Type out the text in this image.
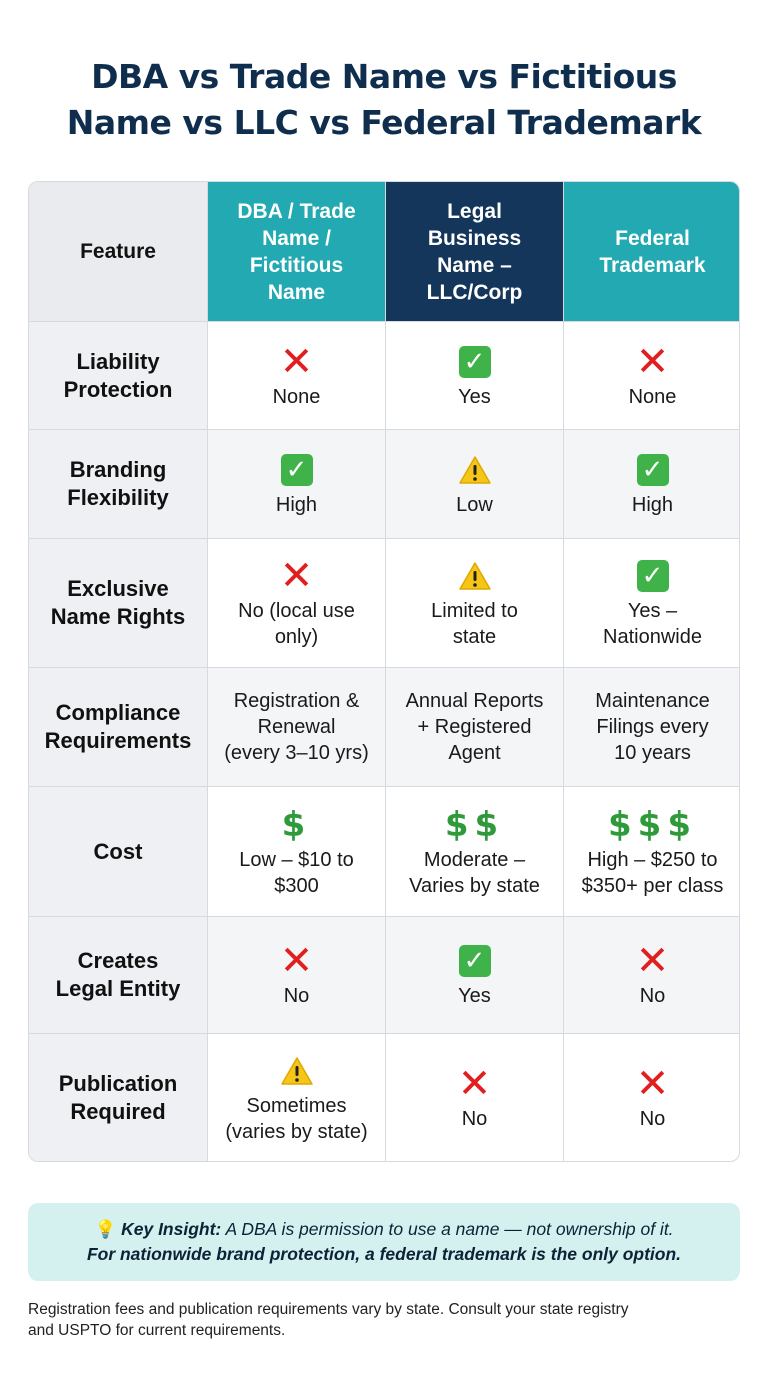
DBA vs Trade Name vs Fictitious
Name vs LLC vs Federal Trademark
Feature
DBA / Trade
Name /
Fictitious
Name
Legal
Business
Name –
LLC/Corp
Federal
Trademark
Liability
Protection
✕
None
✓
Yes
✕
None
Branding
Flexibility
✓
High	Low
✓
High
Exclusive
Name Rights
✕
No (local use
only)
Limited to
state
✓
Yes –
Nationwide
Compliance
Requirements
Registration &
Renewal
(every 3–10 yrs)
Annual Reports
+ Registered
Agent
Maintenance
Filings every
10 years
Cost
$
Low – $10 to
$300
$$
Moderate –
Varies by state
$$$
High – $250 to
$350+ per class
Creates
Legal Entity
✕
No
✓
Yes
✕
No
Publication
Required	Sometimes
(varies by state)
✕
No
✕
No
💡 Key Insight: A DBA is permission to use a name — not ownership of it.
For nationwide brand protection, a federal trademark is the only option.
Registration fees and publication requirements vary by state. Consult your state registry
and USPTO for current requirements.
